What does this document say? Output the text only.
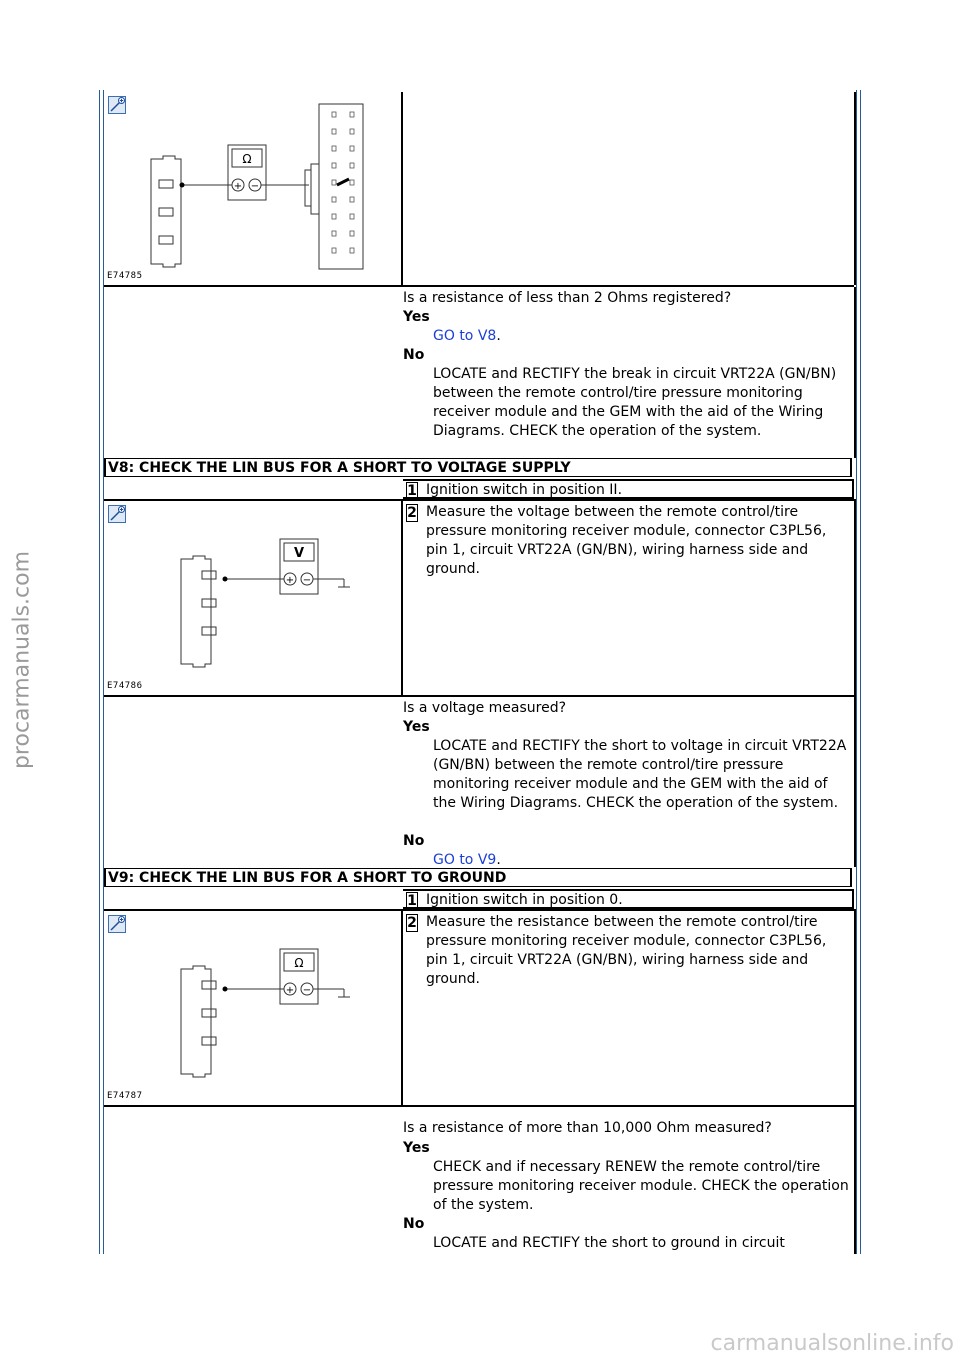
procarmanuals.com
carmanualsonline.info
Ω
+ −
E74785
Is a resistance of less than 2 Ohms registered?
Yes
GO to V8.
No
LOCATE and RECTIFY the break in circuit VRT22A (GN/BN) between the remote control/tire pressure monitoring receiver module and the GEM with the aid of the Wiring Diagrams. CHECK the operation of the system.
V8: CHECK THE LIN BUS FOR A SHORT TO VOLTAGE SUPPLY
1 Ignition switch in position II.
V
+ −
E74786
2 Measure the voltage between the remote control/tire pressure monitoring receiver module, connector C3PL56, pin 1, circuit VRT22A (GN/BN), wiring harness side and ground.
Is a voltage measured?
Yes
LOCATE and RECTIFY the short to voltage in circuit VRT22A (GN/BN) between the remote control/tire pressure monitoring receiver module and the GEM with the aid of the Wiring Diagrams. CHECK the operation of the system.
No
GO to V9.
V9: CHECK THE LIN BUS FOR A SHORT TO GROUND
1 Ignition switch in position 0.
Ω
+ −
E74787
2 Measure the resistance between the remote control/tire pressure monitoring receiver module, connector C3PL56, pin 1, circuit VRT22A (GN/BN), wiring harness side and ground.
Is a resistance of more than 10,000 Ohm measured?
Yes
CHECK and if necessary RENEW the remote control/tire pressure monitoring receiver module. CHECK the operation of the system.
No
LOCATE and RECTIFY the short to ground in circuit
